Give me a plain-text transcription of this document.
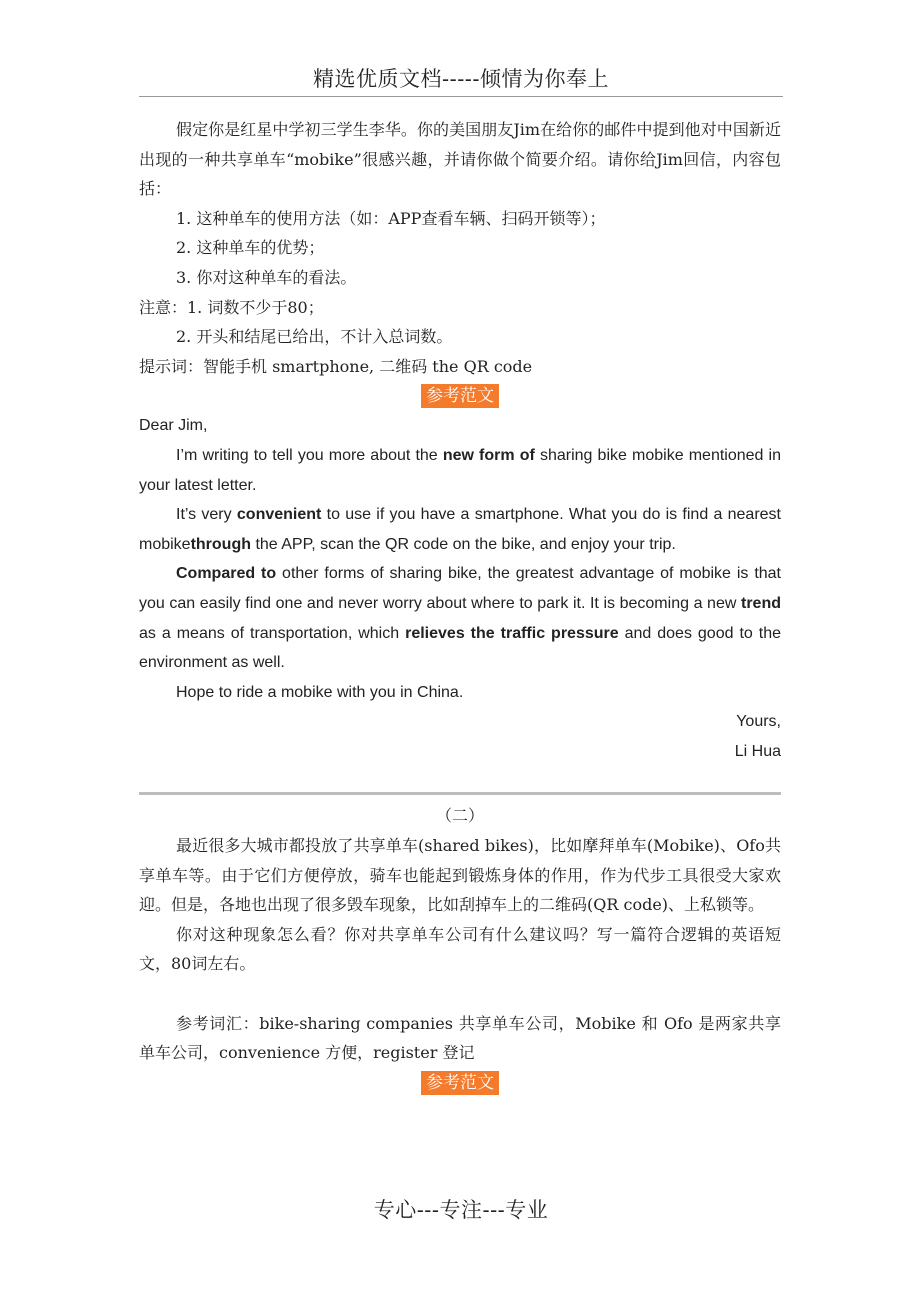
精选优质文档-----倾情为你奉上

假定你是红星中学初三学生李华。你的美国朋友Jim在给你的邮件中提到他对中国新近出现的一种共享单车“mobike”很感兴趣，并请你做个简要介绍。请你给Jim回信，内容包括：

1. 这种单车的使用方法（如：APP查看车辆、扫码开锁等）；

2. 这种单车的优势；

3. 你对这种单车的看法。

注意：1. 词数不少于80；

2. 开头和结尾已给出，不计入总词数。

提示词：智能手机 smartphone, 二维码 the QR code

参考范文

Dear Jim,

I’m writing to tell you more about the new form of sharing bike mobike mentioned in your latest letter.

It’s very convenient to use if you have a smartphone. What you do is find a nearest mobikethrough the APP, scan the QR code on the bike, and enjoy your trip.

Compared to other forms of sharing bike, the greatest advantage of mobike is that you can easily find one and never worry about where to park it. It is becoming a new trend as a means of transportation, which relieves the traffic pressure and does good to the environment as well.

Hope to ride a mobike with you in China.

Yours,

Li Hua

（二）

最近很多大城市都投放了共享单车(shared bikes)，比如摩拜单车(Mobike)、Ofo共享单车等。由于它们方便停放，骑车也能起到锻炼身体的作用，作为代步工具很受大家欢迎。但是，各地也出现了很多毁车现象，比如刮掉车上的二维码(QR code)、上私锁等。

你对这种现象怎么看？你对共享单车公司有什么建议吗？写一篇符合逻辑的英语短文，80词左右。

参考词汇：bike-sharing companies 共享单车公司，Mobike 和 Ofo 是两家共享单车公司，convenience 方便，register 登记

参考范文
专心---专注---专业
